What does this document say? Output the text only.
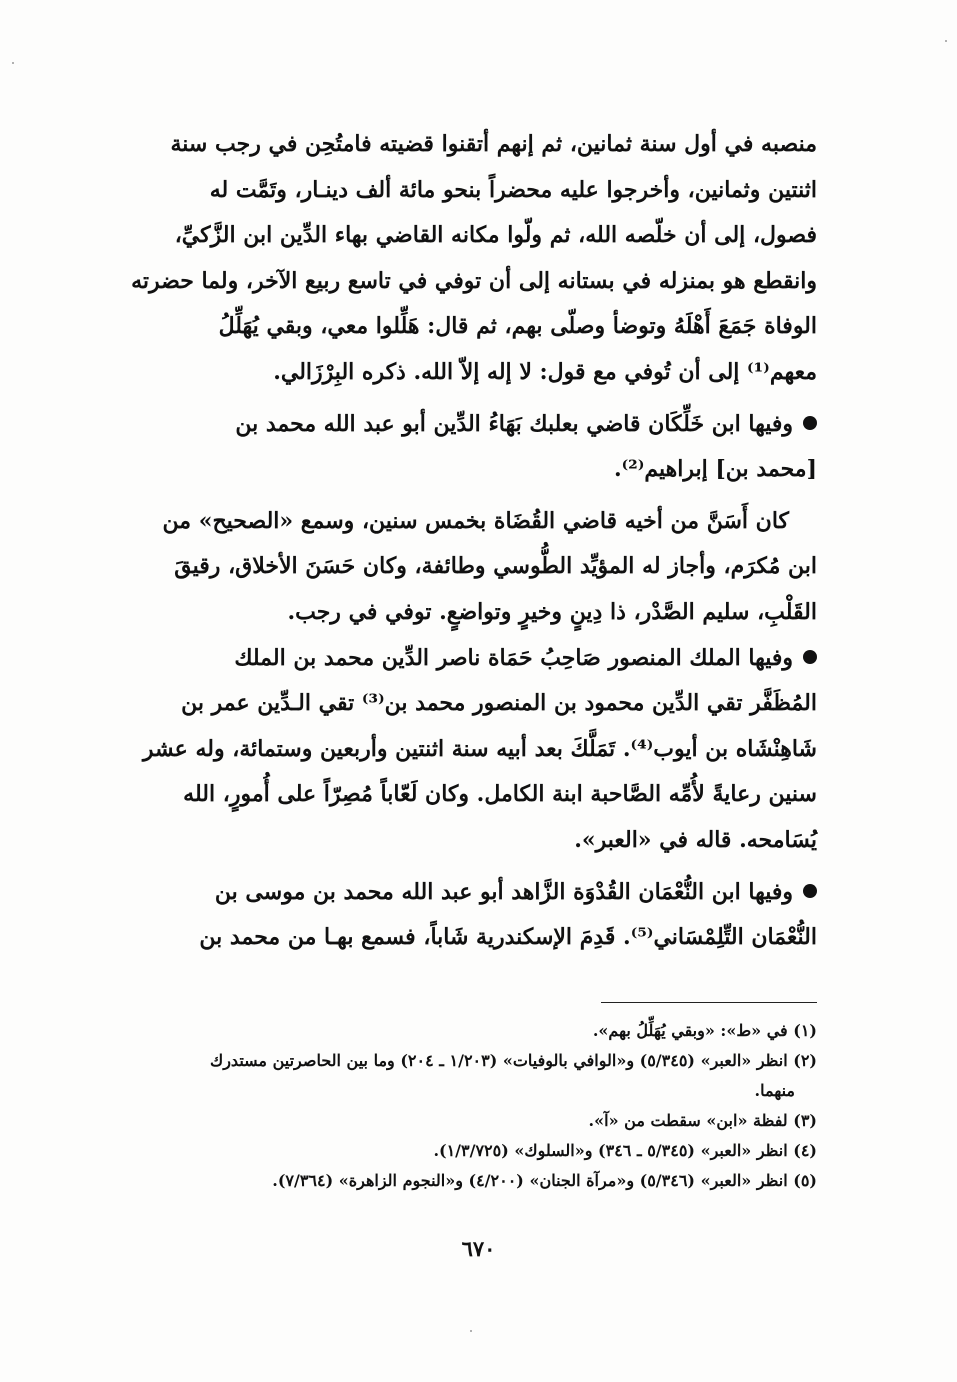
منصبه في أول سنة ثمانين، ثم إنهم أتقنوا قضيته فامتُحِن في رجب سنة
اثنتين وثمانين، وأخرجوا عليه محضراً بنحو مائة ألف دينـار، وتَمَّت له
فصول، إلى أن خلّصه الله، ثم ولّوا مكانه القاضي بهاء الدِّين ابن الزَّكيِّ،
وانقطع هو بمنزله في بستانه إلى أن توفي في تاسع ربيع الآخر، ولما حضرته
الوفاة جَمَعَ أَهْلَهُ وتوضأ وصلّى بهم، ثم قال: هَلِّلوا معي، وبقي يُهَلِّلُ
معهم⁽¹⁾ إلى أن تُوفي مع قول: لا إله إلاّ الله. ذكره البِرْزَالي.
وفيها ابن خَلِّكَان قاضي بعلبك بَهَاءُ الدِّين أبو عبد الله محمد بن
[محمد بن] إبراهيم⁽²⁾.
كان أَسَنَّ من أخيه قاضي القُضَاة بخمس سنين، وسمع «الصحيح» من
ابن مُكرَم، وأجاز له المؤيِّد الطُّوسي وطائفة، وكان حَسَنَ الأخلاق، رقيقَ
القَلْبِ، سليم الصَّدْر، ذا دِينٍ وخيرٍ وتواضعٍ. توفي في رجب.
وفيها الملك المنصور صَاحِبُ حَمَاة ناصر الدِّين محمد بن الملك
المُظَفَّر تقي الدِّين محمود بن المنصور محمد بن⁽³⁾ تقي الـدِّين عمر بن
شَاهِنْشَاه بن أيوب⁽⁴⁾. تَمَلَّكَ بعد أبيه سنة اثنتين وأربعين وستمائة، وله عشر
سنين رعايةً لأُمِّه الصَّاحبة ابنة الكامل. وكان لَعّاباً مُصِرّاً على أُمورٍ، الله
يُسَامحه. قاله في «العبر».
وفيها ابن النُّعْمَان القُدْوَة الزَّاهد أبو عبد الله محمد بن موسى بن
النُّعْمَان التِّلِمْسَاني⁽⁵⁾. قَدِمَ الإسكندرية شَاباً، فسمع بهـا من محمد بن

(١) في «ط»: «وبقي يُهَلِّلُ بهم».

(٢) انظر «العبر» (٥/٣٤٥) و«الوافي بالوفيات» (١/٢٠٣ ـ ٢٠٤) وما بين الحاصرتين مستدرك

منهما.

(٣) لفظة «ابن» سقطت من «آ».

(٤) انظر «العبر» (٥/٣٤٥ ـ ٣٤٦) و«السلوك» (١/٣/٧٢٥).

(٥) انظر «العبر» (٥/٣٤٦) و«مرآة الجنان» (٤/٢٠٠) و«النجوم الزاهرة» (٧/٣٦٤).

٦٧٠
